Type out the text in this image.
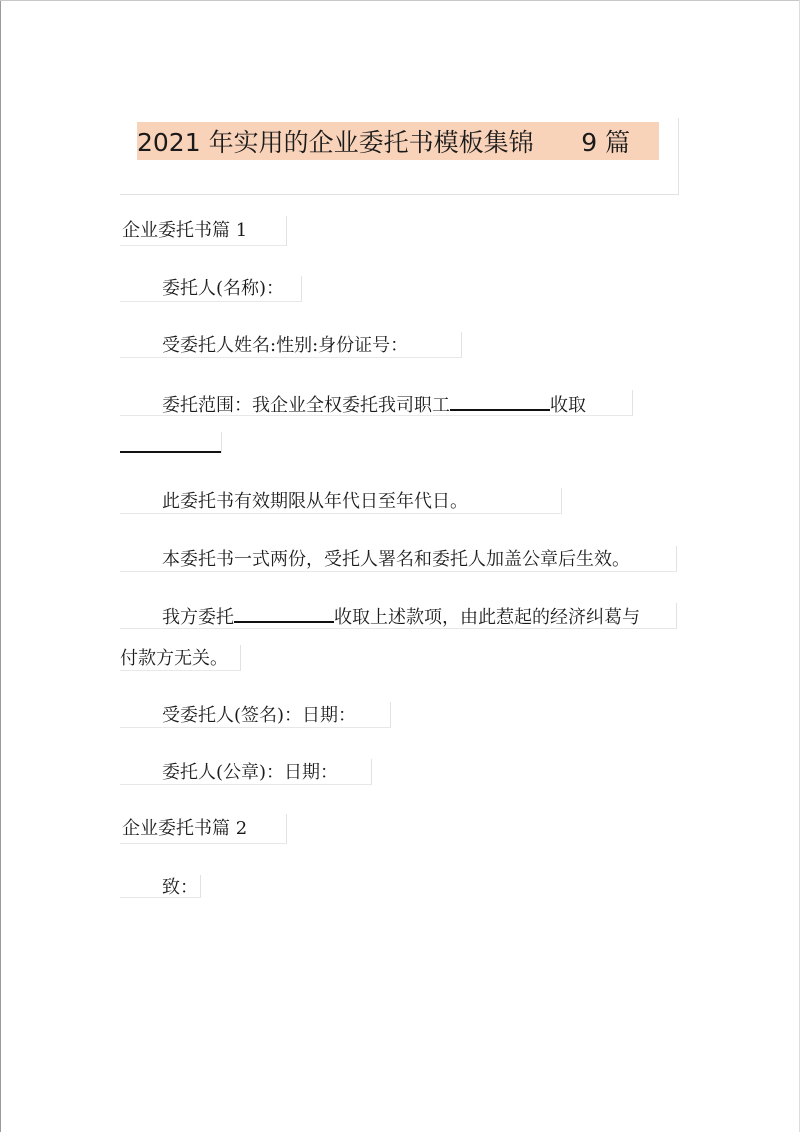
2021 年实用的企业委托书模板集锦      9 篇
企业委托书篇 1
委托人(名称)：
受委托人姓名:性别:身份证号：
委托范围：我企业全权委托我司职工	收取
此委托书有效期限从年代日至年代日。
本委托书一式两份，受托人署名和委托人加盖公章后生效。
我方委托	收取上述款项，由此惹起的经济纠葛与
付款方无关。
受委托人(签名)：日期：
委托人(公章)：日期：
企业委托书篇 2
致：
